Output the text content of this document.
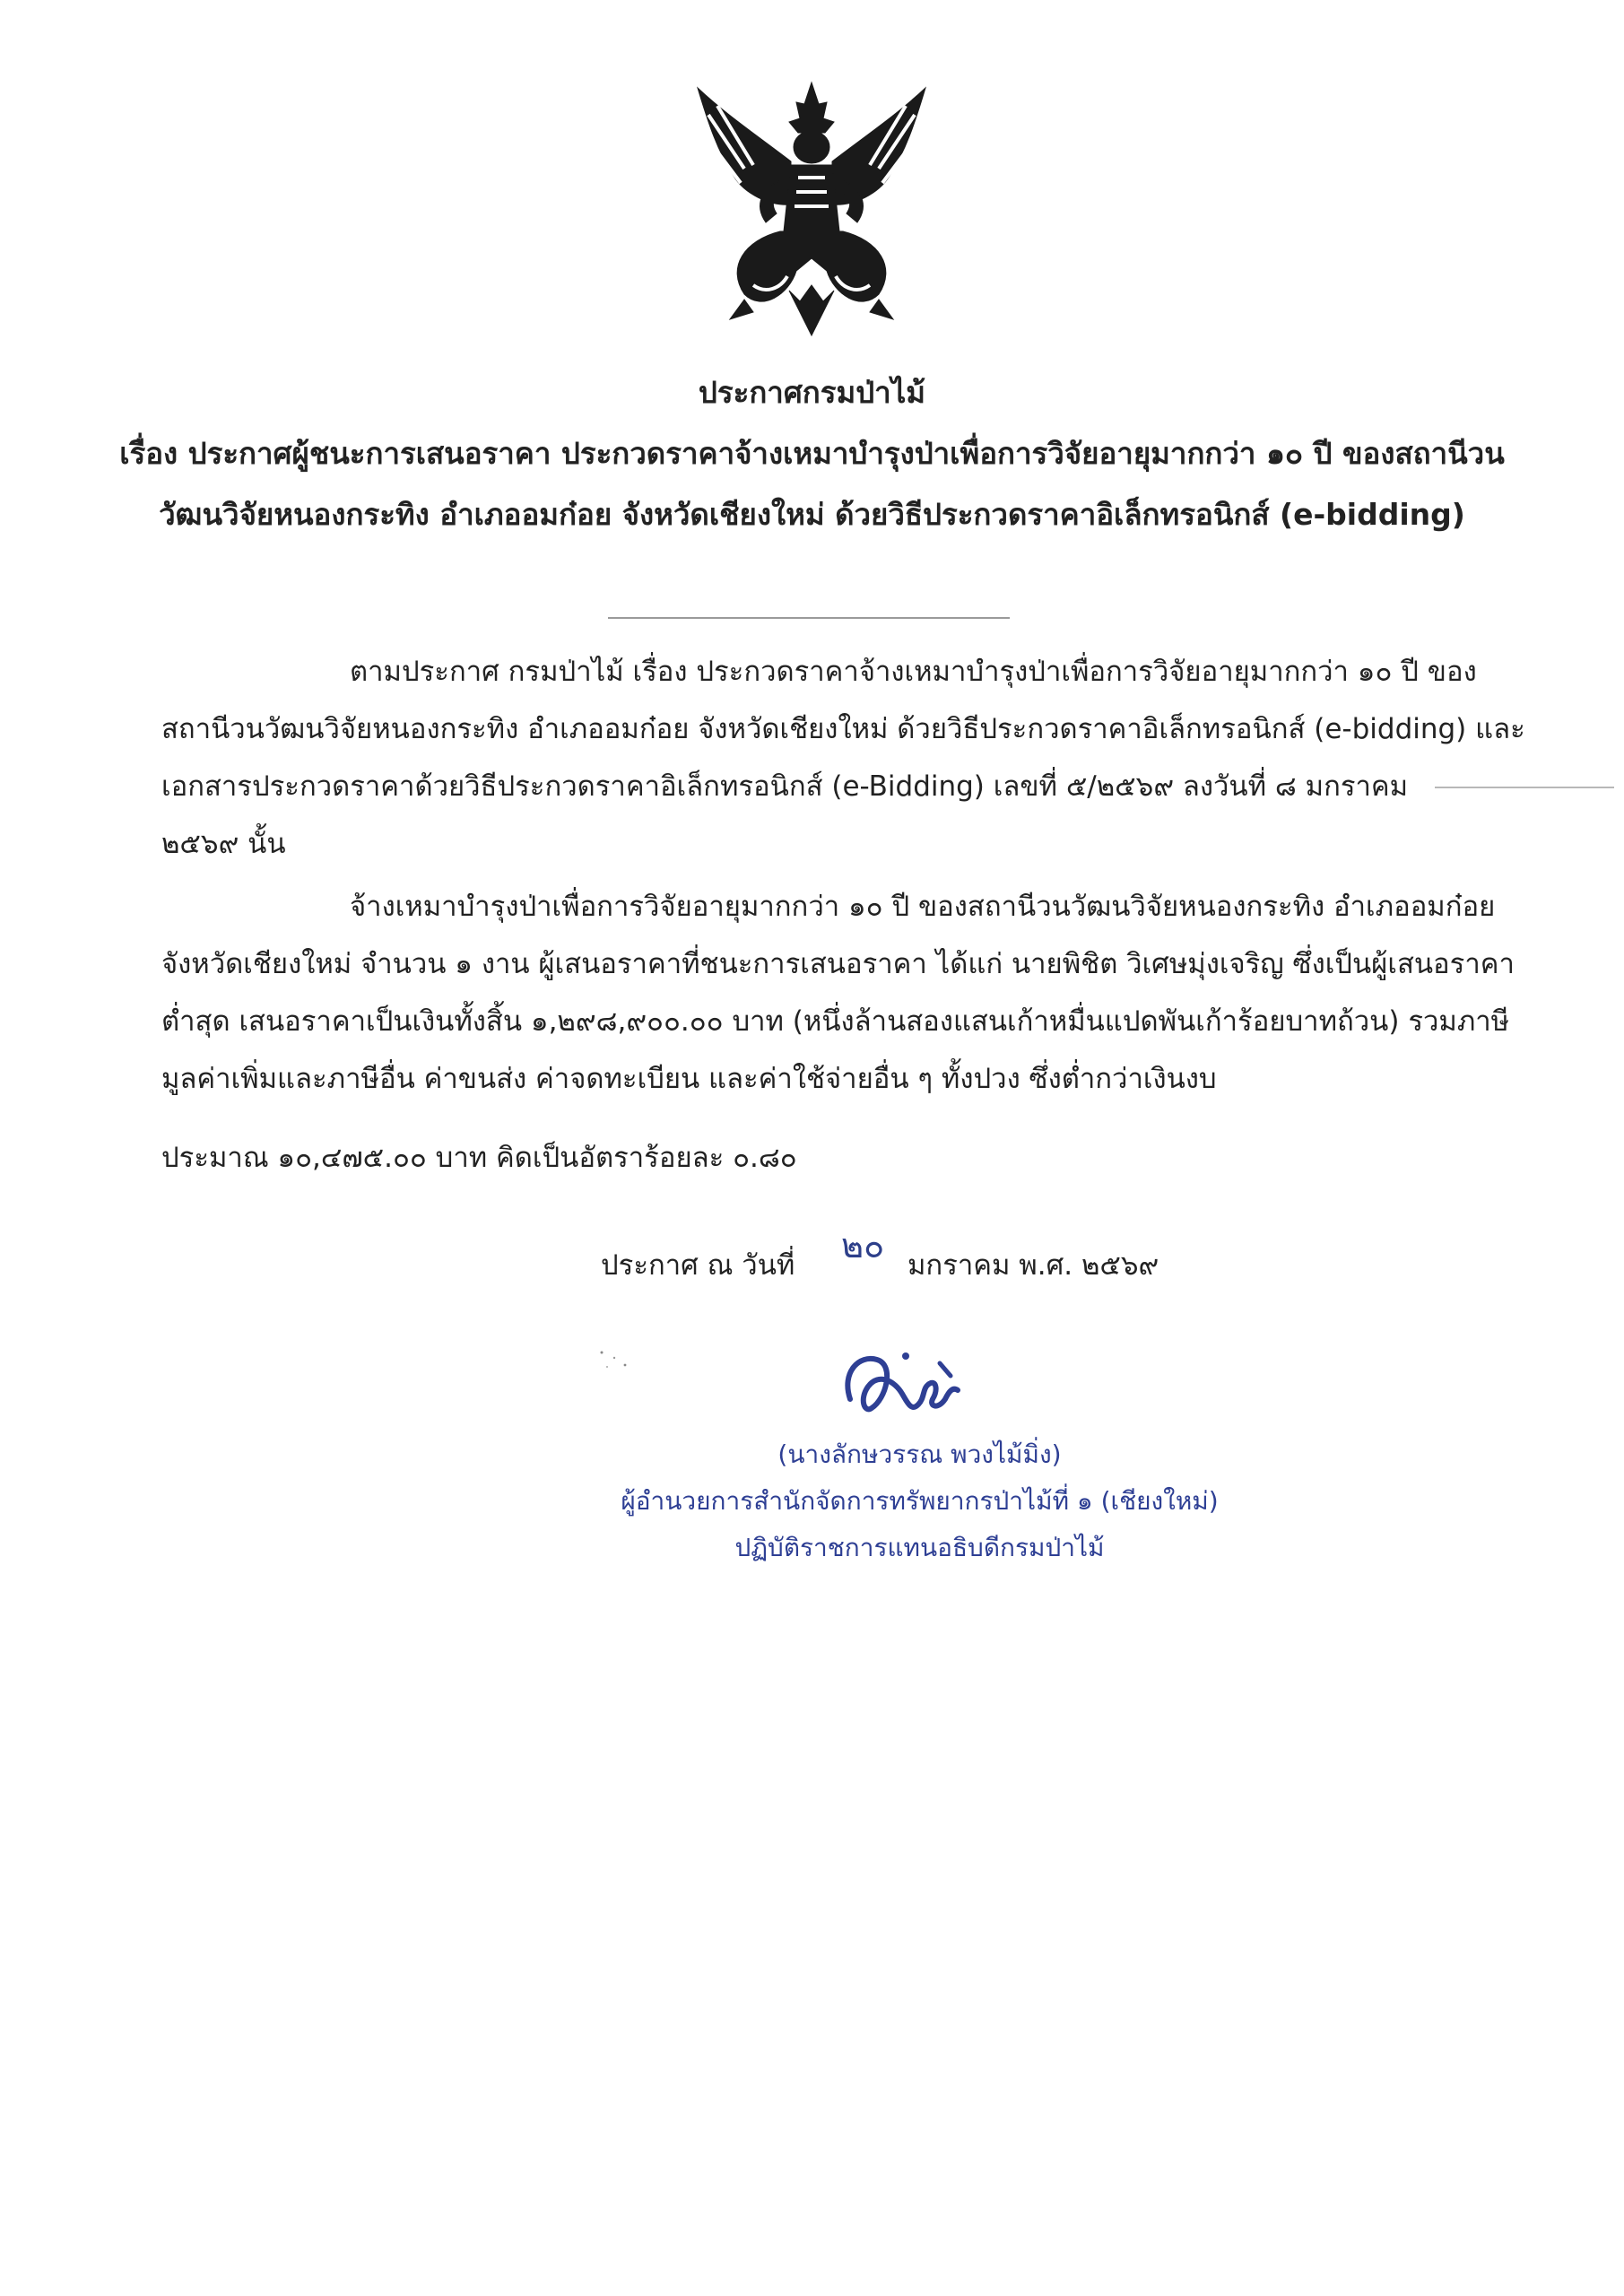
ประกาศกรมป่าไม้
เรื่อง ประกาศผู้ชนะการเสนอราคา ประกวดราคาจ้างเหมาบำรุงป่าเพื่อการวิจัยอายุมากกว่า ๑๐ ปี ของสถานีวน
วัฒนวิจัยหนองกระทิง อำเภออมก๋อย จังหวัดเชียงใหม่ ด้วยวิธีประกวดราคาอิเล็กทรอนิกส์ (e-bidding)
ตามประกาศ กรมป่าไม้ เรื่อง ประกวดราคาจ้างเหมาบำรุงป่าเพื่อการวิจัยอายุมากกว่า ๑๐ ปี ของ
สถานีวนวัฒนวิจัยหนองกระทิง อำเภออมก๋อย จังหวัดเชียงใหม่ ด้วยวิธีประกวดราคาอิเล็กทรอนิกส์ (e-bidding) และ
เอกสารประกวดราคาด้วยวิธีประกวดราคาอิเล็กทรอนิกส์ (e-Bidding) เลขที่ ๕/๒๕๖๙ ลงวันที่ ๘ มกราคม
๒๕๖๙ นั้น
จ้างเหมาบำรุงป่าเพื่อการวิจัยอายุมากกว่า ๑๐ ปี ของสถานีวนวัฒนวิจัยหนองกระทิง อำเภออมก๋อย
จังหวัดเชียงใหม่ จำนวน ๑ งาน ผู้เสนอราคาที่ชนะการเสนอราคา ได้แก่ นายพิชิต วิเศษมุ่งเจริญ ซึ่งเป็นผู้เสนอราคา
ต่ำสุด เสนอราคาเป็นเงินทั้งสิ้น ๑,๒๙๘,๙๐๐.๐๐ บาท (หนึ่งล้านสองแสนเก้าหมื่นแปดพันเก้าร้อยบาทถ้วน) รวมภาษี
มูลค่าเพิ่มและภาษีอื่น ค่าขนส่ง ค่าจดทะเบียน และค่าใช้จ่ายอื่น ๆ ทั้งปวง ซึ่งต่ำกว่าเงินงบ
ประมาณ ๑๐,๔๗๕.๐๐ บาท คิดเป็นอัตราร้อยละ ๐.๘๐
ประกาศ ณ วันที่ ๒๐ มกราคม พ.ศ. ๒๕๖๙
(นางลักษวรรณ พวงไม้มิ่ง)
ผู้อำนวยการสำนักจัดการทรัพยากรป่าไม้ที่ ๑ (เชียงใหม่)
ปฏิบัติราชการแทนอธิบดีกรมป่าไม้
